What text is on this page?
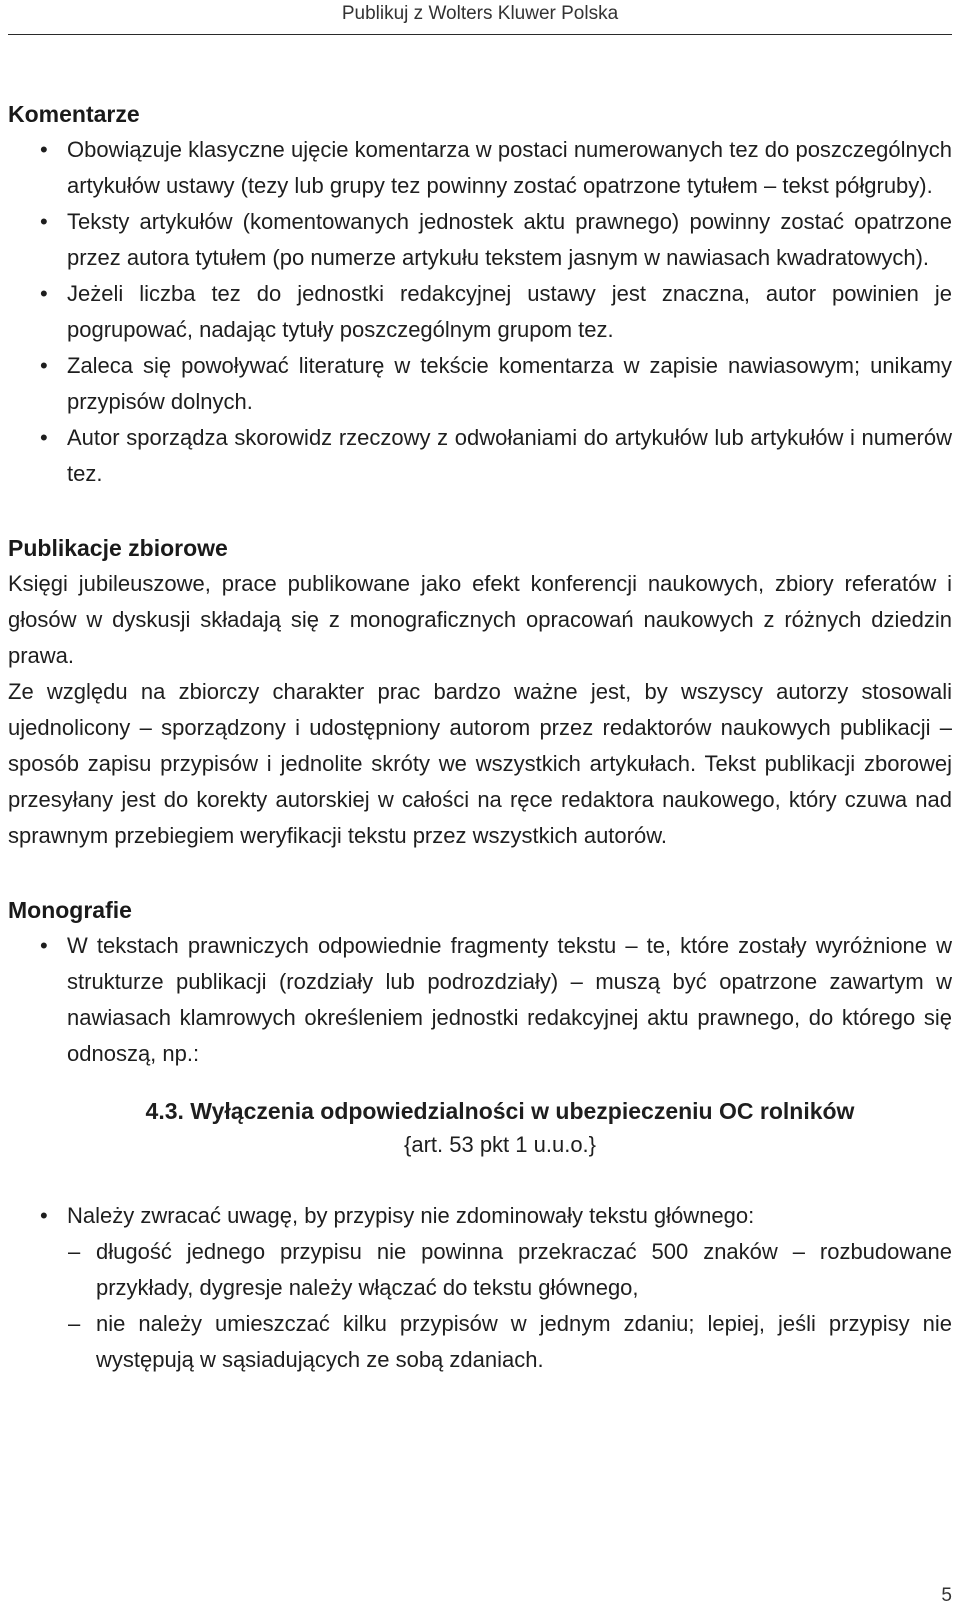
Publikuj z Wolters Kluwer Polska
Komentarze
• Obowiązuje klasyczne ujęcie komentarza w postaci numerowanych tez do poszczególnych artykułów ustawy (tezy lub grupy tez powinny zostać opatrzone tytułem – tekst półgruby).
• Teksty artykułów (komentowanych jednostek aktu prawnego) powinny zostać opatrzone przez autora tytułem (po numerze artykułu tekstem jasnym w nawiasach kwadratowych).
• Jeżeli liczba tez do jednostki redakcyjnej ustawy jest znaczna, autor powinien je pogrupować, nadając tytuły poszczególnym grupom tez.
• Zaleca się powoływać literaturę w tekście komentarza w zapisie nawiasowym; unikamy przypisów dolnych.
• Autor sporządza skorowidz rzeczowy z odwołaniami do artykułów lub artykułów i numerów tez.
Publikacje zbiorowe

Księgi jubileuszowe, prace publikowane jako efekt konferencji naukowych, zbiory referatów i głosów w dyskusji składają się z monograficznych opracowań naukowych z różnych dziedzin prawa.

Ze względu na zbiorczy charakter prac bardzo ważne jest, by wszyscy autorzy stosowali ujednolicony – sporządzony i udostępniony autorom przez redaktorów naukowych publikacji – sposób zapisu przypisów i jednolite skróty we wszystkich artykułach. Tekst publikacji zborowej przesyłany jest do korekty autorskiej w całości na ręce redaktora naukowego, który czuwa nad sprawnym przebiegiem weryfikacji tekstu przez wszystkich autorów.

Monografie
• W tekstach prawniczych odpowiednie fragmenty tekstu – te, które zostały wyróżnione w strukturze publikacji (rozdziały lub podrozdziały) – muszą być opatrzone zawartym w nawiasach klamrowych określeniem jednostki redakcyjnej aktu prawnego, do którego się odnoszą, np.:
4.3. Wyłączenia odpowiedzialności w ubezpieczeniu OC rolników
{art. 53 pkt 1 u.u.o.}
• Należy zwracać uwagę, by przypisy nie zdominowały tekstu głównego:
– długość jednego przypisu nie powinna przekraczać 500 znaków – rozbudowane przykłady, dygresje należy włączać do tekstu głównego,
– nie należy umieszczać kilku przypisów w jednym zdaniu; lepiej, jeśli przypisy nie występują w sąsiadujących ze sobą zdaniach.
5
